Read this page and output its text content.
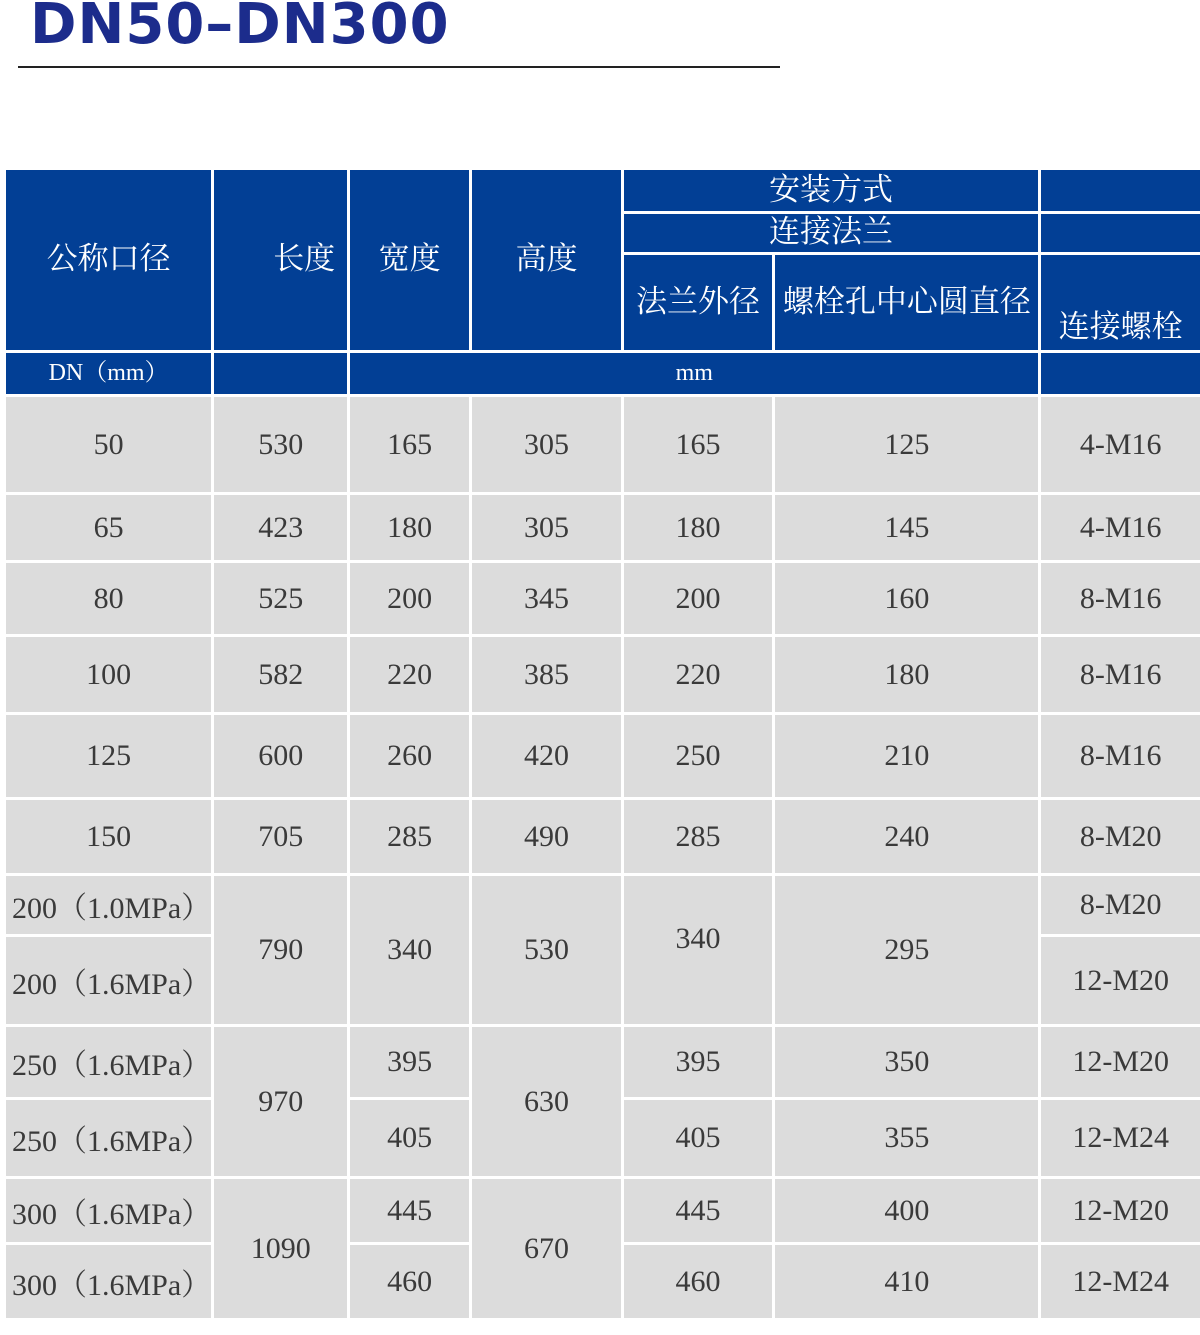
DN50–DN300
公称口径	长度	宽度	高度	安装方式		
				连接法兰		
				法兰外径	螺栓孔中心圆直径	连接螺栓
DN（mm）		mm				
50	530	165	305	165	125	4-M16
65	423	180	305	180	145	4-M16
80	525	200	345	200	160	8-M16
100	582	220	385	220	180	8-M16
125	600	260	420	250	210	8-M16
150	705	285	490	285	240	8-M20
200（1.0MPa）	790	340	530	340	295	8-M20
200（1.6MPa）						12-M20
250（1.6MPa）	970	395	630	395	350	12-M20
250（1.6MPa）		405		405	355	12-M24
300（1.6MPa）	1090	445	670	445	400	12-M20
300（1.6MPa）		460		460	410	12-M24
